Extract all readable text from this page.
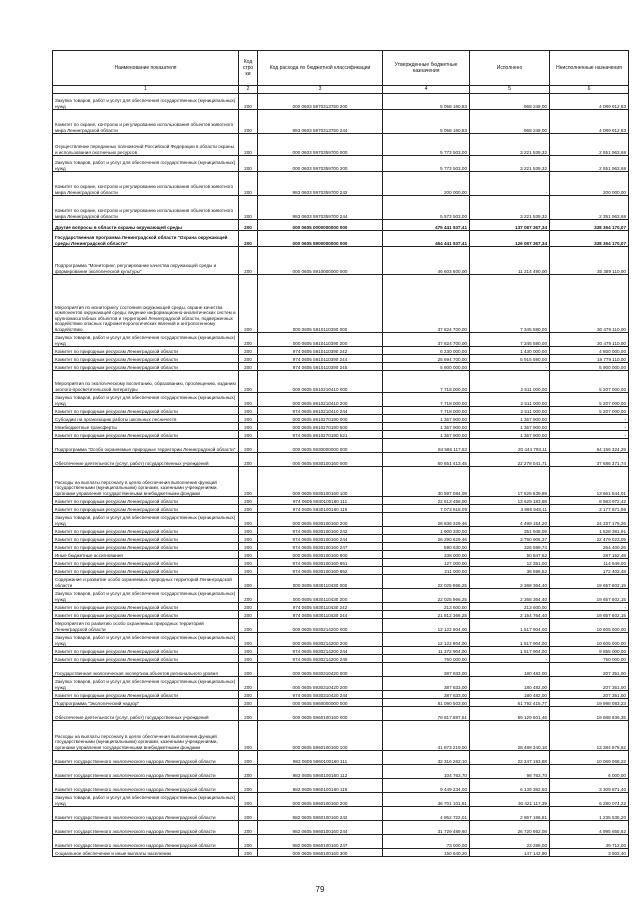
Наименование показателя	Код стро ки	Код расхода по бюджетной классификации	Утвержденные бюджетные назначения	Исполнено	Неисполненные назначения
1	2	3	4	5	6
Закупка товаров, работ и услуг для обеспечения государственных (муниципальных) нужд	200	000 0603 5970313760 200	5 058 160,83	968 248,00	4 089 912,83
Комитет по охране, контролю и регулированию использования объектов животного мира Ленинградской области	200	983 0603 5970313760 244	5 058 160,83	968 248,00	4 089 912,83
Осуществление переданных полномочий Российской Федерации в области охраны и использования охотничьих ресурсов	200	000 0603 5970359700 000	5 773 503,00	3 221 539,32	2 551 963,68
Закупка товаров, работ и услуг для обеспечения государственных (муниципальных) нужд	200	000 0603 5970359700 200	5 773 503,00	3 221 539,32	2 551 963,68
Комитет по охране, контролю и регулированию использования объектов животного мира Ленинградской области	200	983 0603 5970359700 242	200 000,00	-	200 000,00
Комитет по охране, контролю и регулированию использования объектов животного мира Ленинградской области	200	983 0603 5970359700 244	5 573 503,00	3 221 539,32	2 351 963,68
Другие вопросы в области охраны окружающей среды	200	000 0605 0000000000 000	475 441 537,41	137 087 367,34	338 354 170,07
Государственная программа Ленинградской области "Охрана окружающей среды Ленинградской области"	200	000 0605 5900000000 000	464 441 537,41	126 087 367,34	338 354 170,07
Подпрограмма "Мониторинг, регулирование качества окружающей среды и формирование экологической культуры"	200	000 0605 5910000000 000	46 603 600,00	11 214 490,00	35 389 110,00
Мероприятия по мониторингу состояния окружающей среды, охране качества компонентов окружающей среды, ведение информационно-аналитических систем и крупномасштабных объектов и территорий Ленинградской области, подверженных воздействию опасных гидрометеорологических явлений и антропогенному воздействию	200	000 0605 5910110390 000	37 824 700,00	7 345 590,00	30 479 110,00
Закупка товаров, работ и услуг для обеспечения государственных (муниципальных) нужд	200	000 0605 5910110390 200	37 824 700,00	7 345 590,00	30 479 110,00
Комитет по природным ресурсам Ленинградской области	200	974 0605 5910110390 242	6 230 000,00	1 430 000,00	4 800 000,00
Комитет по природным ресурсам Ленинградской области	200	974 0605 5910110390 244	25 694 700,00	5 915 590,00	19 779 110,00
Комитет по природным ресурсам Ленинградской области	200	974 0605 5910110390 245	5 900 000,00	-	5 900 000,00
Мероприятия по экологическому воспитанию, образованию, просвещению, изданию эколого-просветительской литературы	200	000 0605 5910210410 000	7 718 000,00	2 511 000,00	5 207 000,00
Закупка товаров, работ и услуг для обеспечения государственных (муниципальных) нужд	200	000 0605 5910210410 200	7 718 000,00	2 511 000,00	5 207 000,00
Комитет по природным ресурсам Ленинградской области	200	974 0605 5910210410 244	7 718 000,00	2 511 000,00	5 207 000,00
Субсидии на организацию работы школьных лесничеств	200	000 0605 5910270190 000	1 357 900,00	1 357 900,00	-
Межбюджетные трансферты	200	000 0605 5910270190 500	1 357 900,00	1 357 900,00	-
Комитет по природным ресурсам Ленинградской области	200	974 0605 5910270190 521	1 357 900,00	1 357 900,00	-
Подпрограмма "Особо охраняемые природные территории Ленинградской области"	200	000 0605 5930000000 000	84 586 117,53	20 444 793,11	64 156 324,29
Обеспечение деятельности (услуг, работ) государственных учреждений	200	000 0605 5930100160 000	60 651 413,45	22 278 041,71	37 686 371,74
Расходы на выплаты персоналу в целях обеспечения выполнения функций государственными (муниципальными) органами, казенными учреждениями, органами управления государственными внебюджетными фондами	200	000 0605 5930100160 100	30 597 084,09	17 525 539,89	13 661 544,01
Комитет по природным ресурсам Ленинградской области	200	974 0605 5930100160 111	22 613 456,00	13 629 183,88	8 983 972,42
Комитет по природным ресурсам Ленинградской области	200	974 0605 5930100160 119	7 073 618,09	3 895 948,11	3 177 671,98
Закупка товаров, работ и услуг для обеспечения государственных (муниципальных) нужд	200	000 0605 5930100160 200	28 836 329,46	4 499 154,20	24 337 175,26
Комитет по природным ресурсам Ленинградской области	200	974 0605 5930100160 242	1 900 330,00	351 948,09	1 528 381,91
Комитет по природным ресурсам Ленинградской области	200	974 0605 5930100160 244	26 290 629,46	3 790 906,37	22 479 023,09
Комитет по природным ресурсам Ленинградской области	200	974 0605 5930100160 247	590 630,00	326 599,74	264 400,26
Иные бюджетные ассигнования	200	000 0605 5930100160 800	338 000,00	50 847,62	287 152,48
Комитет по природным ресурсам Ленинградской области	200	974 0605 5930100160 851	127 000,00	12 351,00	114 649,00
Комитет по природным ресурсам Ленинградской области	200	974 0605 5930100160 852	211 000,00	38 596,52	172 403,48
Содержание и развитие особо охраняемых природных территорий Ленинградской области	200	000 0605 5930110430 000	22 025 966,25	2 368 364,40	19 657 602,15
Закупка товаров, работ и услуг для обеспечения государственных (муниципальных) нужд	200	000 0605 5930110430 200	22 025 966,25	2 368 364,40	19 657 602,15
Комитет по природным ресурсам Ленинградской области	200	974 0605 5930110430 242	213 600,00	213 600,00	-
Комитет по природным ресурсам Ленинградской области	200	974 0605 5930110430 244	21 812 366,25	2 154 764,40	19 657 602,15
Мероприятия по развитию особо охраняемых природных территорий Ленинградской области	200	000 0605 5930214200 000	12 122 904,00	1 517 904,00	10 605 000,00
Закупка товаров, работ и услуг для обеспечения государственных (муниципальных) нужд	200	000 0605 5930214200 200	12 122 904,00	1 517 904,00	10 605 000,00
Комитет по природным ресурсам Ленинградской области	200	974 0605 5930214200 244	11 372 904,00	1 517 904,00	9 855 000,00
Комитет по природным ресурсам Ленинградской области	200	974 0605 5930214200 245	750 000,00	-	750 000,00
Государственная экологическая экспертиза объектов регионального уровня	200	000 0605 5930310420 000	387 833,00	180 482,00	207 351,00
Закупка товаров, работ и услуг для обеспечения государственных (муниципальных) нужд	200	000 0605 5930310420 200	387 833,00	180 482,00	207 351,00
Комитет по природным ресурсам Ленинградской области	200	974 0605 5930310420 244	387 833,00	180 482,00	207 351,00
Подпрограмма "Экологический надзор"	200	000 0605 5960000000 000	81 090 503,00	61 792 415,77	19 998 083,23
Обеспечение деятельности (услуг, работ) государственных учреждений	200	000 0605 5960100160 000	78 817 887,61	59 129 601,46	19 688 936,35
Расходы на выплаты персоналу в целях обеспечения выполнения функций государственными (муниципальными) органами, казенными учреждениями, органами управления государственными внебюджетными фондами	200	000 0605 5960100160 100	41 873 219,00	28 488 340,18	13 384 878,82
Комитет государственного экологического надзора Ленинградской области	200	982 0605 5960100160 111	32 316 262,10	22 247 193,88	10 069 068,22
Комитет государственного экологического надзора Ленинградской области	200	982 0605 5960100160 112	104 763,70	98 763,70	6 000,00
Комитет государственного экологического надзора Ленинградской области	200	982 0605 5960100160 119	9 449 234,00	6 139 382,60	3 309 871,40
Закупка товаров, работ и услуг для обеспечения государственных (муниципальных) нужд	200	000 0605 5960100160 200	36 701 101,61	30 421 117,39	6 280 074,22
Комитет государственного экологического надзора Ленинградской области	200	982 0605 5960100160 242	4 952 722,01	2 867 186,81	1 235 535,20
Комитет государственного экологического надзора Ленинградской области	200	982 0605 5960100160 244	31 729 489,60	26 720 952,08	4 995 655,62
Комитет государственного экологического надзора Ленинградской области	200	982 0605 5960100160 247	73 000,00	23 288,00	49 712,00
Социальное обеспечение и иные выплаты населению	200	000 0605 5960100160 300	150 640,20	147 142,80	3 503,40
79
